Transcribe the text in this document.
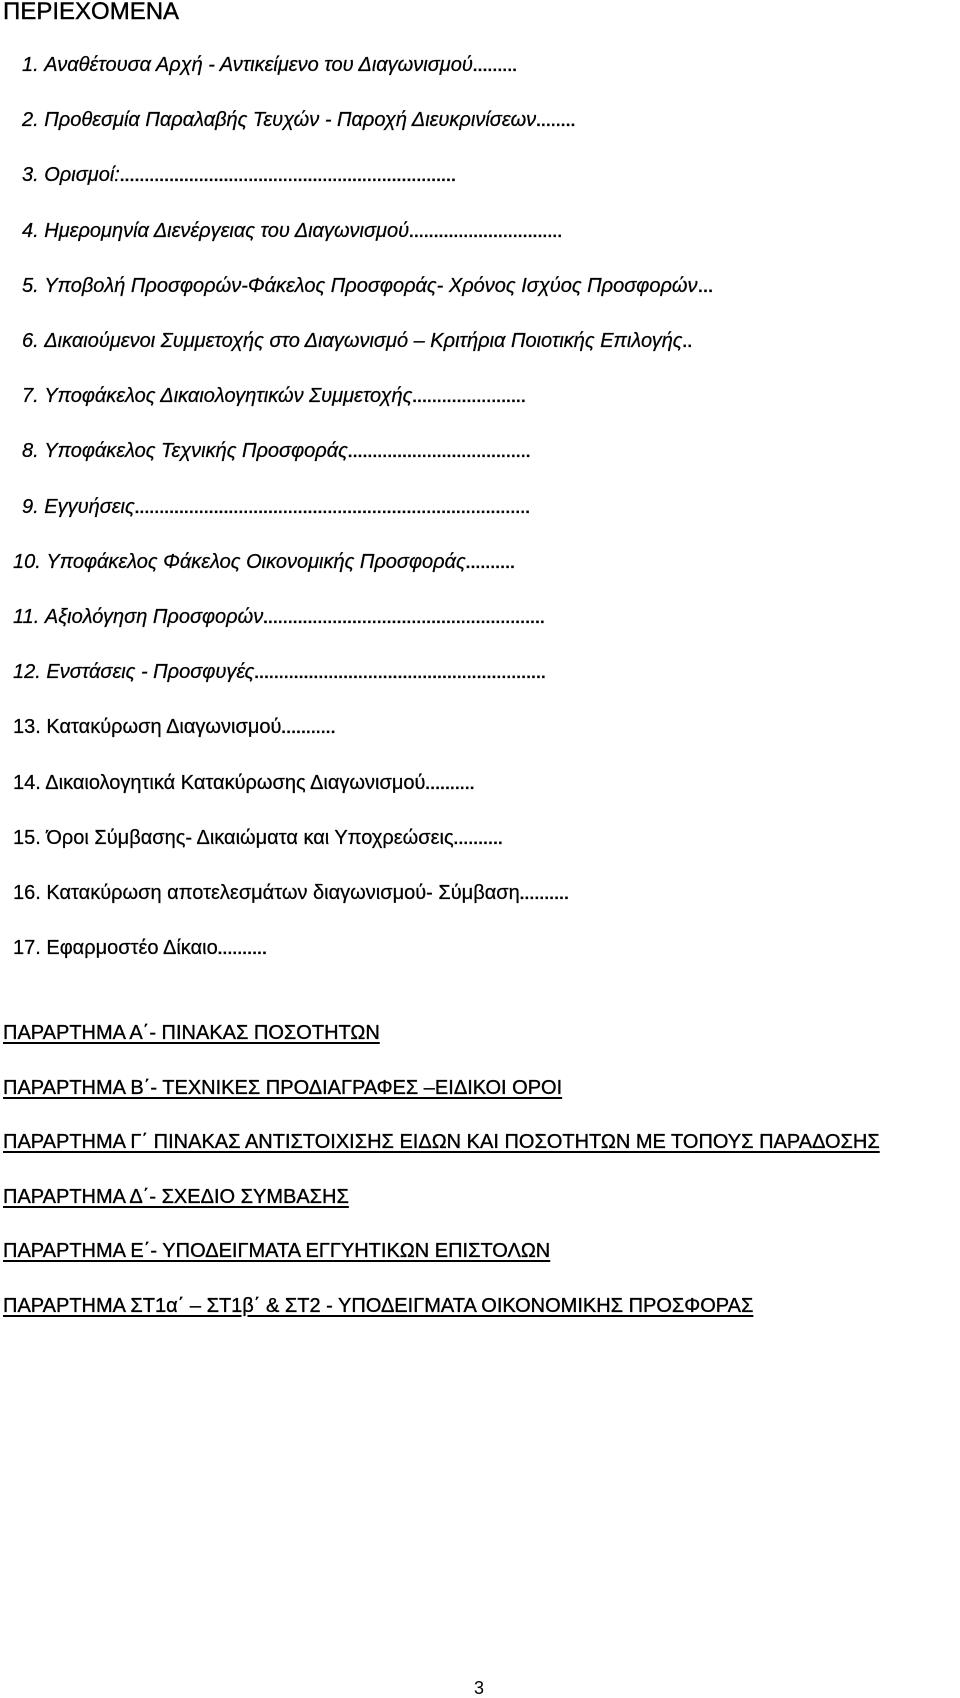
ΠΕΡΙΕΧΟΜΕΝΑ
1. Αναθέτουσα Αρχή - Αντικείμενο του Διαγωνισμού.........
2. Προθεσμία Παραλαβής Τευχών - Παροχή Διευκρινίσεων........
3. Ορισμοί:....................................................................
4. Ημερομηνία Διενέργειας του Διαγωνισμού...............................
5. Υποβολή Προσφορών-Φάκελος Προσφοράς- Χρόνος Ισχύος Προσφορών…
6. Δικαιούμενοι Συμμετοχής στο Διαγωνισμό – Κριτήρια Ποιοτικής Επιλογής..
7. Υποφάκελος Δικαιολογητικών Συμμετοχής.......................
8. Υποφάκελος Τεχνικής Προσφοράς.....................................
9. Εγγυήσεις................................................................................
10. Υποφάκελος Φάκελος Οικονομικής Προσφοράς..........
11. Αξιολόγηση Προσφορών.........................................................
12. Ενστάσεις - Προσφυγές...........................................................
13. Κατακύρωση Διαγωνισμού...........
14. Δικαιολογητικά Κατακύρωσης Διαγωνισμού..........
15. Όροι Σύμβασης- Δικαιώματα και Υποχρεώσεις..........
16. Κατακύρωση αποτελεσμάτων διαγωνισμού- Σύμβαση..........
17. Εφαρμοστέο Δίκαιο..........
ΠΑΡΑΡΤΗΜΑ Α΄- ΠΙΝΑΚΑΣ ΠΟΣΟΤΗΤΩΝ
ΠΑΡΑΡΤΗΜΑ Β΄- ΤΕΧΝΙΚΕΣ ΠΡΟΔΙΑΓΡΑΦΕΣ –ΕΙΔΙΚΟΙ ΟΡΟΙ
ΠΑΡΑΡΤΗΜΑ Γ΄ ΠΙΝΑΚΑΣ ΑΝΤΙΣΤΟΙΧΙΣΗΣ ΕΙΔΩΝ ΚΑΙ ΠΟΣΟΤΗΤΩΝ ΜΕ ΤΟΠΟΥΣ ΠΑΡΑΔΟΣΗΣ
ΠΑΡΑΡΤΗΜΑ Δ΄- ΣΧΕΔΙΟ ΣΥΜΒΑΣΗΣ
ΠΑΡΑΡΤΗΜΑ Ε΄- ΥΠΟΔΕΙΓΜΑΤΑ ΕΓΓΥΗΤΙΚΩΝ ΕΠΙΣΤΟΛΩΝ
ΠΑΡΑΡΤΗΜΑ ΣΤ1α΄ – ΣΤ1β΄ & ΣΤ2 - ΥΠΟΔΕΙΓΜΑΤΑ ΟΙΚΟΝΟΜΙΚΗΣ ΠΡΟΣΦΟΡΑΣ
3
